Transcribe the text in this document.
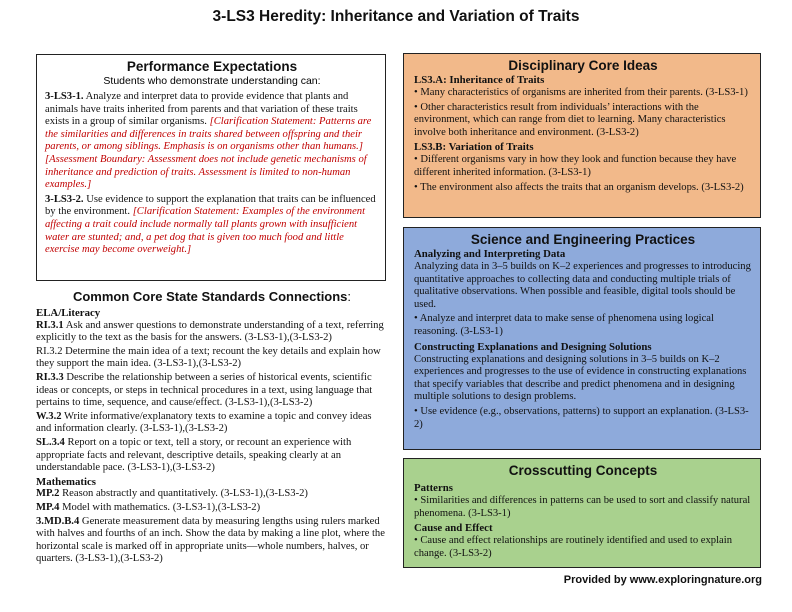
3-LS3 Heredity: Inheritance and Variation of Traits
Performance Expectations
Students who demonstrate understanding can:
3-LS3-1. Analyze and interpret data to provide evidence that plants and animals have traits inherited from parents and that variation of these traits exists in a group of similar organisms. [Clarification Statement: Patterns are the similarities and differences in traits shared between offspring and their parents, or among siblings. Emphasis is on organisms other than humans.] [Assessment Boundary: Assessment does not include genetic mechanisms of inheritance and prediction of traits. Assessment is limited to non-human examples.]
3-LS3-2. Use evidence to support the explanation that traits can be influenced by the environment. [Clarification Statement: Examples of the environment affecting a trait could include normally tall plants grown with insufficient water are stunted; and, a pet dog that is given too much food and little exercise may become overweight.]
Common Core State Standards Connections:
ELA/Literacy
RI.3.1 Ask and answer questions to demonstrate understanding of a text, referring explicitly to the text as the basis for the answers. (3-LS3-1),(3-LS3-2)
RI.3.2 Determine the main idea of a text; recount the key details and explain how they support the main idea. (3-LS3-1),(3-LS3-2)
RI.3.3 Describe the relationship between a series of historical events, scientific ideas or concepts, or steps in technical procedures in a text, using language that pertains to time, sequence, and cause/effect. (3-LS3-1),(3-LS3-2)
W.3.2 Write informative/explanatory texts to examine a topic and convey ideas and information clearly. (3-LS3-1),(3-LS3-2)
SL.3.4 Report on a topic or text, tell a story, or recount an experience with appropriate facts and relevant, descriptive details, speaking clearly at an understandable pace. (3-LS3-1),(3-LS3-2)
Mathematics
MP.2 Reason abstractly and quantitatively. (3-LS3-1),(3-LS3-2)
MP.4 Model with mathematics. (3-LS3-1),(3-LS3-2)
3.MD.B.4 Generate measurement data by measuring lengths using rulers marked with halves and fourths of an inch. Show the data by making a line plot, where the horizontal scale is marked off in appropriate units—whole numbers, halves, or quarters. (3-LS3-1),(3-LS3-2)
Disciplinary Core Ideas
LS3.A: Inheritance of Traits
• Many characteristics of organisms are inherited from their parents. (3-LS3-1)
• Other characteristics result from individuals’ interactions with the environment, which can range from diet to learning. Many characteristics involve both inheritance and environment. (3-LS3-2)
LS3.B: Variation of Traits
• Different organisms vary in how they look and function because they have different inherited information. (3-LS3-1)
• The environment also affects the traits that an organism develops. (3-LS3-2)
Science and Engineering Practices
Analyzing and Interpreting Data
Analyzing data in 3–5 builds on K–2 experiences and progresses to introducing quantitative approaches to collecting data and conducting multiple trials of qualitative observations. When possible and feasible, digital tools should be used.
• Analyze and interpret data to make sense of phenomena using logical reasoning. (3-LS3-1)
Constructing Explanations and Designing Solutions
Constructing explanations and designing solutions in 3–5 builds on K–2 experiences and progresses to the use of evidence in constructing explanations that specify variables that describe and predict phenomena and in designing multiple solutions to design problems.
• Use evidence (e.g., observations, patterns) to support an explanation. (3-LS3-2)
Crosscutting Concepts
Patterns
• Similarities and differences in patterns can be used to sort and classify natural phenomena. (3-LS3-1)
Cause and Effect
• Cause and effect relationships are routinely identified and used to explain change. (3-LS3-2)
Provided by www.exploringnature.org
